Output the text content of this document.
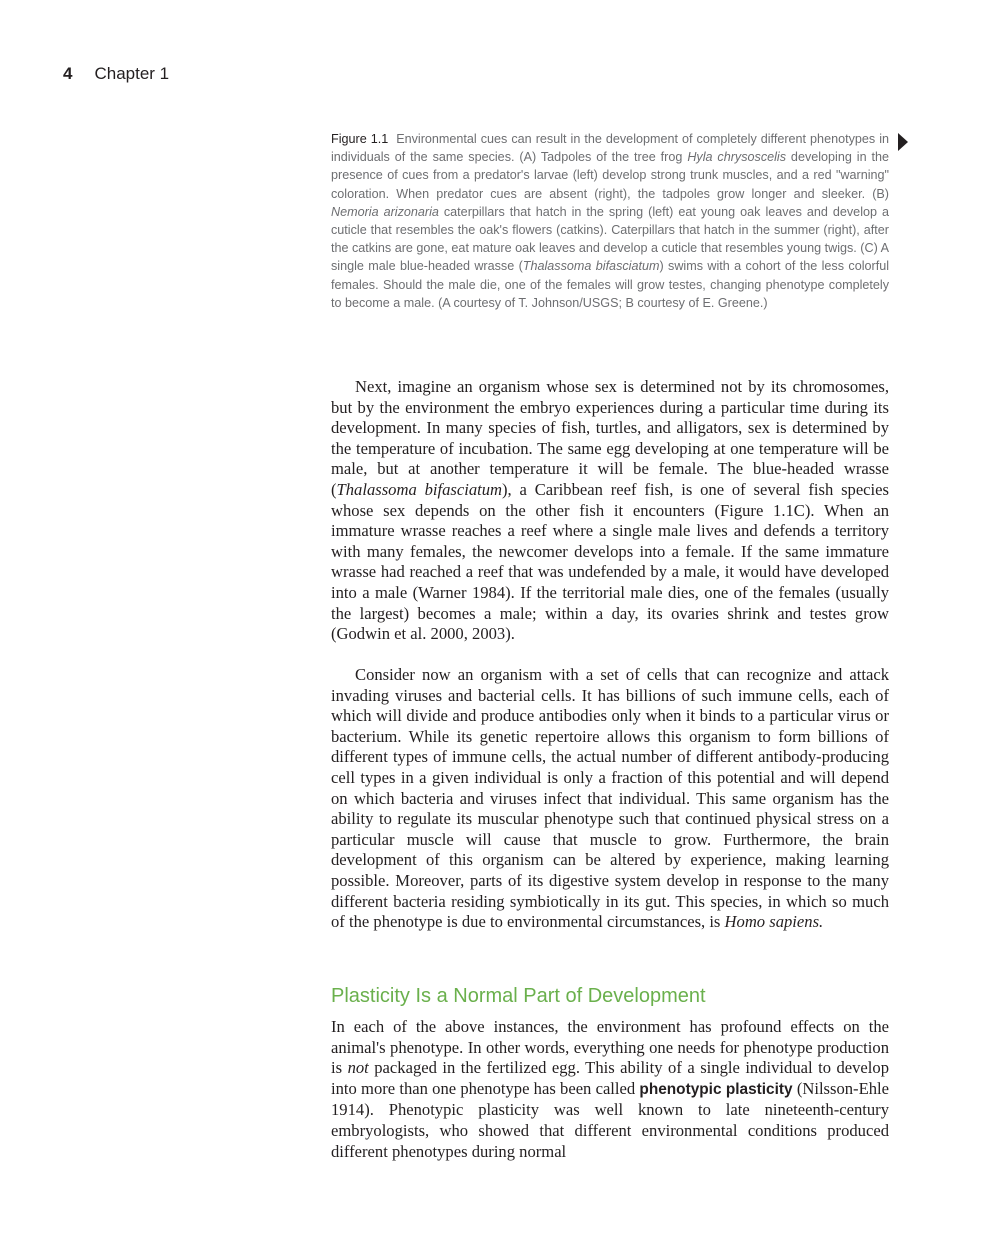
4 Chapter 1

Figure 1.1 Environmental cues can result in the development of completely different phenotypes in individuals of the same species. (A) Tadpoles of the tree frog Hyla chrysoscelis developing in the presence of cues from a predator's larvae (left) develop strong trunk muscles, and a red "warning" coloration. When predator cues are absent (right), the tadpoles grow longer and sleeker. (B) Nemoria arizonaria caterpillars that hatch in the spring (left) eat young oak leaves and develop a cuticle that resembles the oak's flowers (catkins). Caterpillars that hatch in the summer (right), after the catkins are gone, eat mature oak leaves and develop a cuticle that resembles young twigs. (C) A single male blue-headed wrasse (Thalassoma bifasciatum) swims with a cohort of the less colorful females. Should the male die, one of the females will grow testes, changing phenotype completely to become a male. (A courtesy of T. Johnson/USGS; B courtesy of E. Greene.)

Next, imagine an organism whose sex is determined not by its chromosomes, but by the environment the embryo experiences during a particular time during its development. In many species of fish, turtles, and alligators, sex is determined by the temperature of incubation. The same egg developing at one temperature will be male, but at another temperature it will be female. The blue-headed wrasse (Thalassoma bifasciatum), a Caribbean reef fish, is one of several fish species whose sex depends on the other fish it encounters (Figure 1.1C). When an immature wrasse reaches a reef where a single male lives and defends a territory with many females, the newcomer develops into a female. If the same immature wrasse had reached a reef that was undefended by a male, it would have developed into a male (Warner 1984). If the territorial male dies, one of the females (usually the largest) becomes a male; within a day, its ovaries shrink and testes grow (Godwin et al. 2000, 2003).

Consider now an organism with a set of cells that can recognize and attack invading viruses and bacterial cells. It has billions of such immune cells, each of which will divide and produce antibodies only when it binds to a particular virus or bacterium. While its genetic repertoire allows this organism to form billions of different types of immune cells, the actual number of different antibody-producing cell types in a given individual is only a fraction of this potential and will depend on which bacteria and viruses infect that individual. This same organism has the ability to regulate its muscular phenotype such that continued physical stress on a particular muscle will cause that muscle to grow. Furthermore, the brain development of this organism can be altered by experience, making learning possible. Moreover, parts of its digestive system develop in response to the many different bacteria residing symbiotically in its gut. This species, in which so much of the phenotype is due to environmental circumstances, is Homo sapiens.

Plasticity Is a Normal Part of Development

In each of the above instances, the environment has profound effects on the animal's phenotype. In other words, everything one needs for phenotype production is not packaged in the fertilized egg. This ability of a single individual to develop into more than one phenotype has been called phenotypic plasticity (Nilsson-Ehle 1914). Phenotypic plasticity was well known to late nineteenth-century embryologists, who showed that different environmental conditions produced different phenotypes during normal
